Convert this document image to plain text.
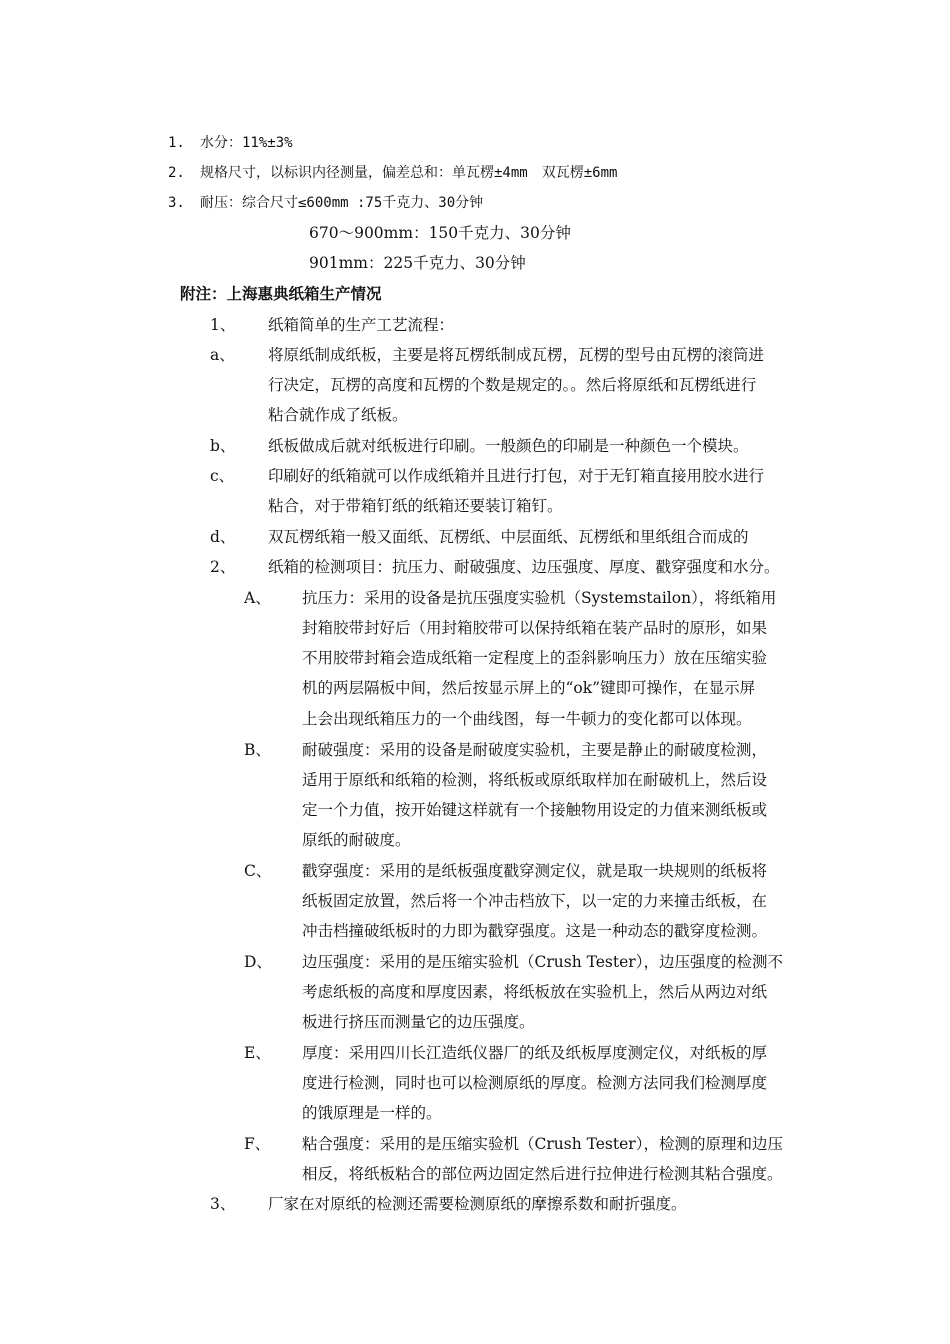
1. 水分：11%±3%
2. 规格尺寸，以标识内径测量，偏差总和：单瓦楞±4mm　双瓦楞±6mm
3. 耐压：综合尺寸≤600mm :75千克力、30分钟
670～900mm：150千克力、30分钟
901mm：225千克力、30分钟
附注：上海惠典纸箱生产情况
1、 纸箱简单的生产工艺流程：
a、 将原纸制成纸板，主要是将瓦楞纸制成瓦楞，瓦楞的型号由瓦楞的滚筒进
行决定，瓦楞的高度和瓦楞的个数是规定的。。然后将原纸和瓦楞纸进行
粘合就作成了纸板。
b、 纸板做成后就对纸板进行印刷。一般颜色的印刷是一种颜色一个模块。
c、 印刷好的纸箱就可以作成纸箱并且进行打包，对于无钉箱直接用胶水进行
粘合，对于带箱钉纸的纸箱还要装订箱钉。
d、 双瓦楞纸箱一般又面纸、瓦楞纸、中层面纸、瓦楞纸和里纸组合而成的
2、 纸箱的检测项目：抗压力、耐破强度、边压强度、厚度、戳穿强度和水分。
A、 抗压力：采用的设备是抗压强度实验机（Systemstailon），将纸箱用
封箱胶带封好后（用封箱胶带可以保持纸箱在装产品时的原形，如果
不用胶带封箱会造成纸箱一定程度上的歪斜影响压力）放在压缩实验
机的两层隔板中间，然后按显示屏上的“ok”键即可操作，在显示屏
上会出现纸箱压力的一个曲线图，每一牛顿力的变化都可以体现。
B、 耐破强度：采用的设备是耐破度实验机，主要是静止的耐破度检测，
适用于原纸和纸箱的检测，将纸板或原纸取样加在耐破机上，然后设
定一个力值，按开始键这样就有一个接触物用设定的力值来测纸板或
原纸的耐破度。
C、 戳穿强度：采用的是纸板强度戳穿测定仪，就是取一块规则的纸板将
纸板固定放置，然后将一个冲击档放下，以一定的力来撞击纸板，在
冲击档撞破纸板时的力即为戳穿强度。这是一种动态的戳穿度检测。
D、 边压强度：采用的是压缩实验机（Crush Tester），边压强度的检测不
考虑纸板的高度和厚度因素，将纸板放在实验机上，然后从两边对纸
板进行挤压而测量它的边压强度。
E、 厚度：采用四川长江造纸仪器厂的纸及纸板厚度测定仪，对纸板的厚
度进行检测，同时也可以检测原纸的厚度。检测方法同我们检测厚度
的饿原理是一样的。
F、 粘合强度：采用的是压缩实验机（Crush Tester），检测的原理和边压
相反，将纸板粘合的部位两边固定然后进行拉伸进行检测其粘合强度。
3、 厂家在对原纸的检测还需要检测原纸的摩擦系数和耐折强度。
